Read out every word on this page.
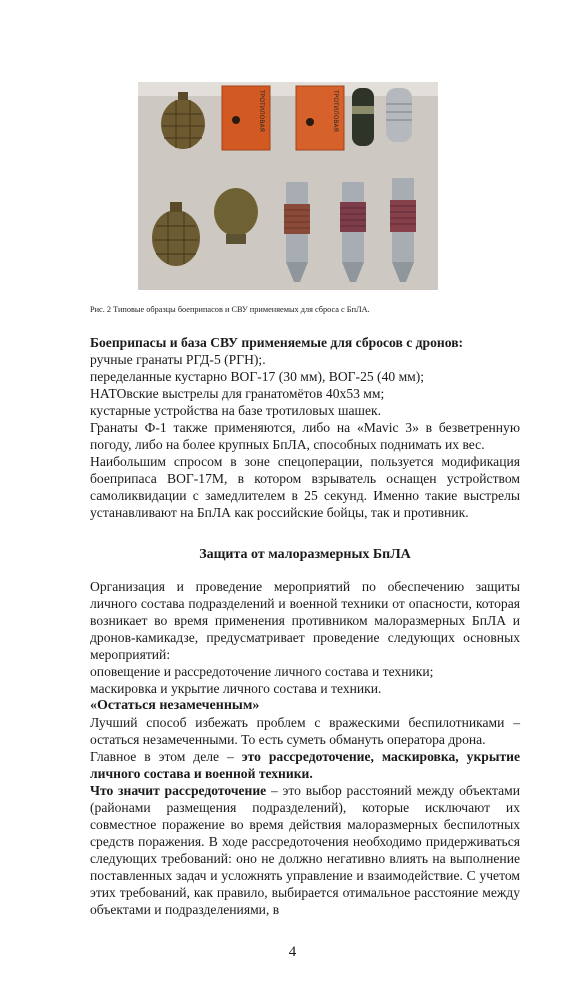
ТРОТИЛОВАЯ	ТРОТИЛОВАЯ
Рис. 2 Типовые образцы боеприпасов и СВУ применяемых для сброса с БпЛА.

Боеприпасы и база СВУ применяемые для сбросов с дронов:

ручные гранаты РГД-5 (РГН);.

переделанные кустарно ВОГ-17 (30 мм), ВОГ-25 (40 мм);

НАТОвские выстрелы для гранатомётов 40х53 мм;

кустарные устройства на базе тротиловых шашек.

Гранаты Ф-1 также применяются, либо на «Mavic 3» в безветренную погоду, либо на более крупных БпЛА, способных поднимать их вес.

Наибольшим спросом в зоне спецоперации, пользуется модификация боеприпаса ВОГ-17М, в котором взрыватель оснащен устройством самоликвидации с замедлителем в 25 секунд. Именно такие выстрелы устанавливают на БпЛА как российские бойцы, так и противник.

Защита от малоразмерных БпЛА

Организация и проведение мероприятий по обеспечению защиты личного состава подразделений и военной техники от опасности, которая возникает во время применения противником малоразмерных БпЛА и дронов-камикадзе, предусматривает проведение следующих основных мероприятий:

оповещение и рассредоточение личного состава и техники;

маскировка и укрытие личного состава и техники.

«Остаться незамеченным»

Лучший способ избежать проблем с вражескими беспилотниками – остаться незамеченными. То есть суметь обмануть оператора дрона.

Главное в этом деле – это рассредоточение, маскировка, укрытие личного состава и военной техники.

Что значит рассредоточение – это выбор расстояний между объектами (районами размещения подразделений), которые исключают их совместное поражение во время действия малоразмерных беспилотных средств поражения. В ходе рассредоточения необходимо придерживаться следующих требований: оно не должно негативно влиять на выполнение поставленных задач и усложнять управление и взаимодействие. С учетом этих требований, как правило, выбирается отимальное расстояние между объектами и подразделениями, в

4
